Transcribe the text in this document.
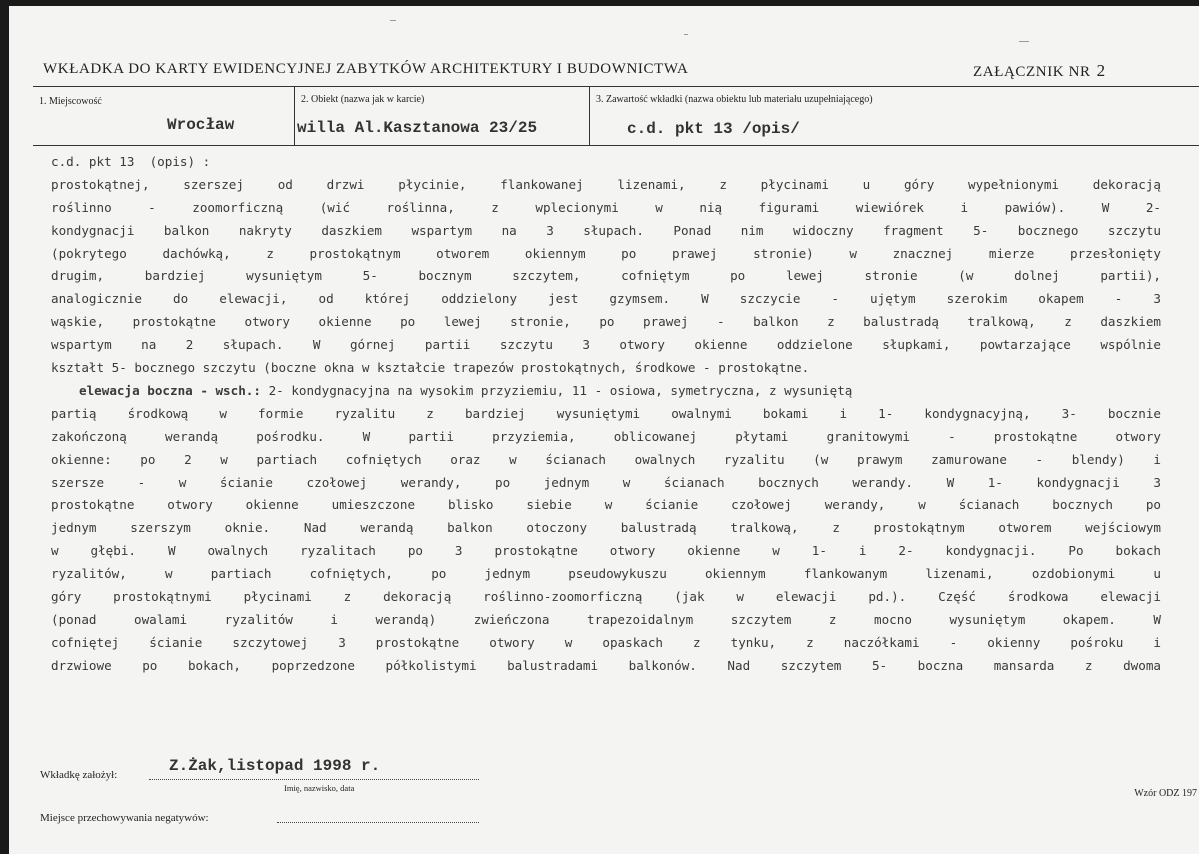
WKŁADKA DO KARTY EWIDENCYJNEJ ZABYTKÓW ARCHITEKTURY I BUDOWNICTWA	ZAŁĄCZNIK NR 2
1. Miejscowość
Wrocław
2. Obiekt (nazwa jak w karcie)
willa Al.Kasztanowa 23/25
3. Zawartość wkładki (nazwa obiektu lub materiału uzupełniającego)
c.d. pkt 13 /opis/
c.d. pkt 13  (opis) :
prostokątnej, szerszej od drzwi płycinie, flankowanej lizenami, z płycinami u góry wypełnionymi dekoracją
roślinno - zoomorficzną (wić roślinna, z wplecionymi w nią figurami wiewiórek i pawiów). W 2-
kondygnacji balkon nakryty daszkiem wspartym na 3 słupach. Ponad nim widoczny fragment 5- bocznego szczytu
(pokrytego dachówką, z prostokątnym otworem okiennym po prawej stronie) w znacznej mierze przesłonięty
drugim, bardziej wysuniętym 5- bocznym szczytem, cofniętym po lewej stronie (w dolnej partii),
analogicznie do elewacji, od której oddzielony jest gzymsem. W szczycie - ujętym szerokim okapem - 3
wąskie, prostokątne otwory okienne po lewej stronie, po prawej - balkon z balustradą tralkową, z daszkiem
wspartym na 2 słupach. W górnej partii szczytu 3 otwory okienne oddzielone słupkami, powtarzające wspólnie
kształt 5- bocznego szczytu (boczne okna w kształcie trapezów prostokątnych, środkowe - prostokątne.
elewacja boczna - wsch.: 2- kondygnacyjna na wysokim przyziemiu, 11 - osiowa, symetryczna, z wysuniętą
partią środkową w formie ryzalitu z bardziej wysuniętymi owalnymi bokami i 1- kondygnacyjną, 3- bocznie
zakończoną werandą pośrodku. W partii przyziemia, oblicowanej płytami granitowymi - prostokątne otwory
okienne: po 2 w partiach cofniętych oraz w ścianach owalnych ryzalitu (w prawym zamurowane - blendy) i
szersze - w ścianie czołowej werandy, po jednym w ścianach bocznych werandy. W 1- kondygnacji 3
prostokątne otwory okienne umieszczone blisko siebie w ścianie czołowej werandy, w ścianach bocznych po
jednym szerszym oknie. Nad werandą balkon otoczony balustradą tralkową, z prostokątnym otworem wejściowym
w głębi. W owalnych ryzalitach po 3 prostokątne otwory okienne w 1- i 2- kondygnacji. Po bokach
ryzalitów, w partiach cofniętych, po jednym pseudowykuszu okiennym flankowanym lizenami, ozdobionymi u
góry prostokątnymi płycinami z dekoracją roślinno-zoomorficzną (jak w elewacji pd.). Część środkowa elewacji
(ponad owalami ryzalitów i werandą) zwieńczona trapezoidalnym szczytem z mocno wysuniętym okapem. W
cofniętej ścianie szczytowej 3 prostokątne otwory w opaskach z tynku, z naczółkami - okienny pośroku i
drzwiowe po bokach, poprzedzone półkolistymi balustradami balkonów. Nad szczytem 5- boczna mansarda z dwoma
Wkładkę założył:	Z.Żak,listopad 1998 r.
Imię, nazwisko, data
Miejsce przechowywania negatywów:
Wzór ODZ 197
